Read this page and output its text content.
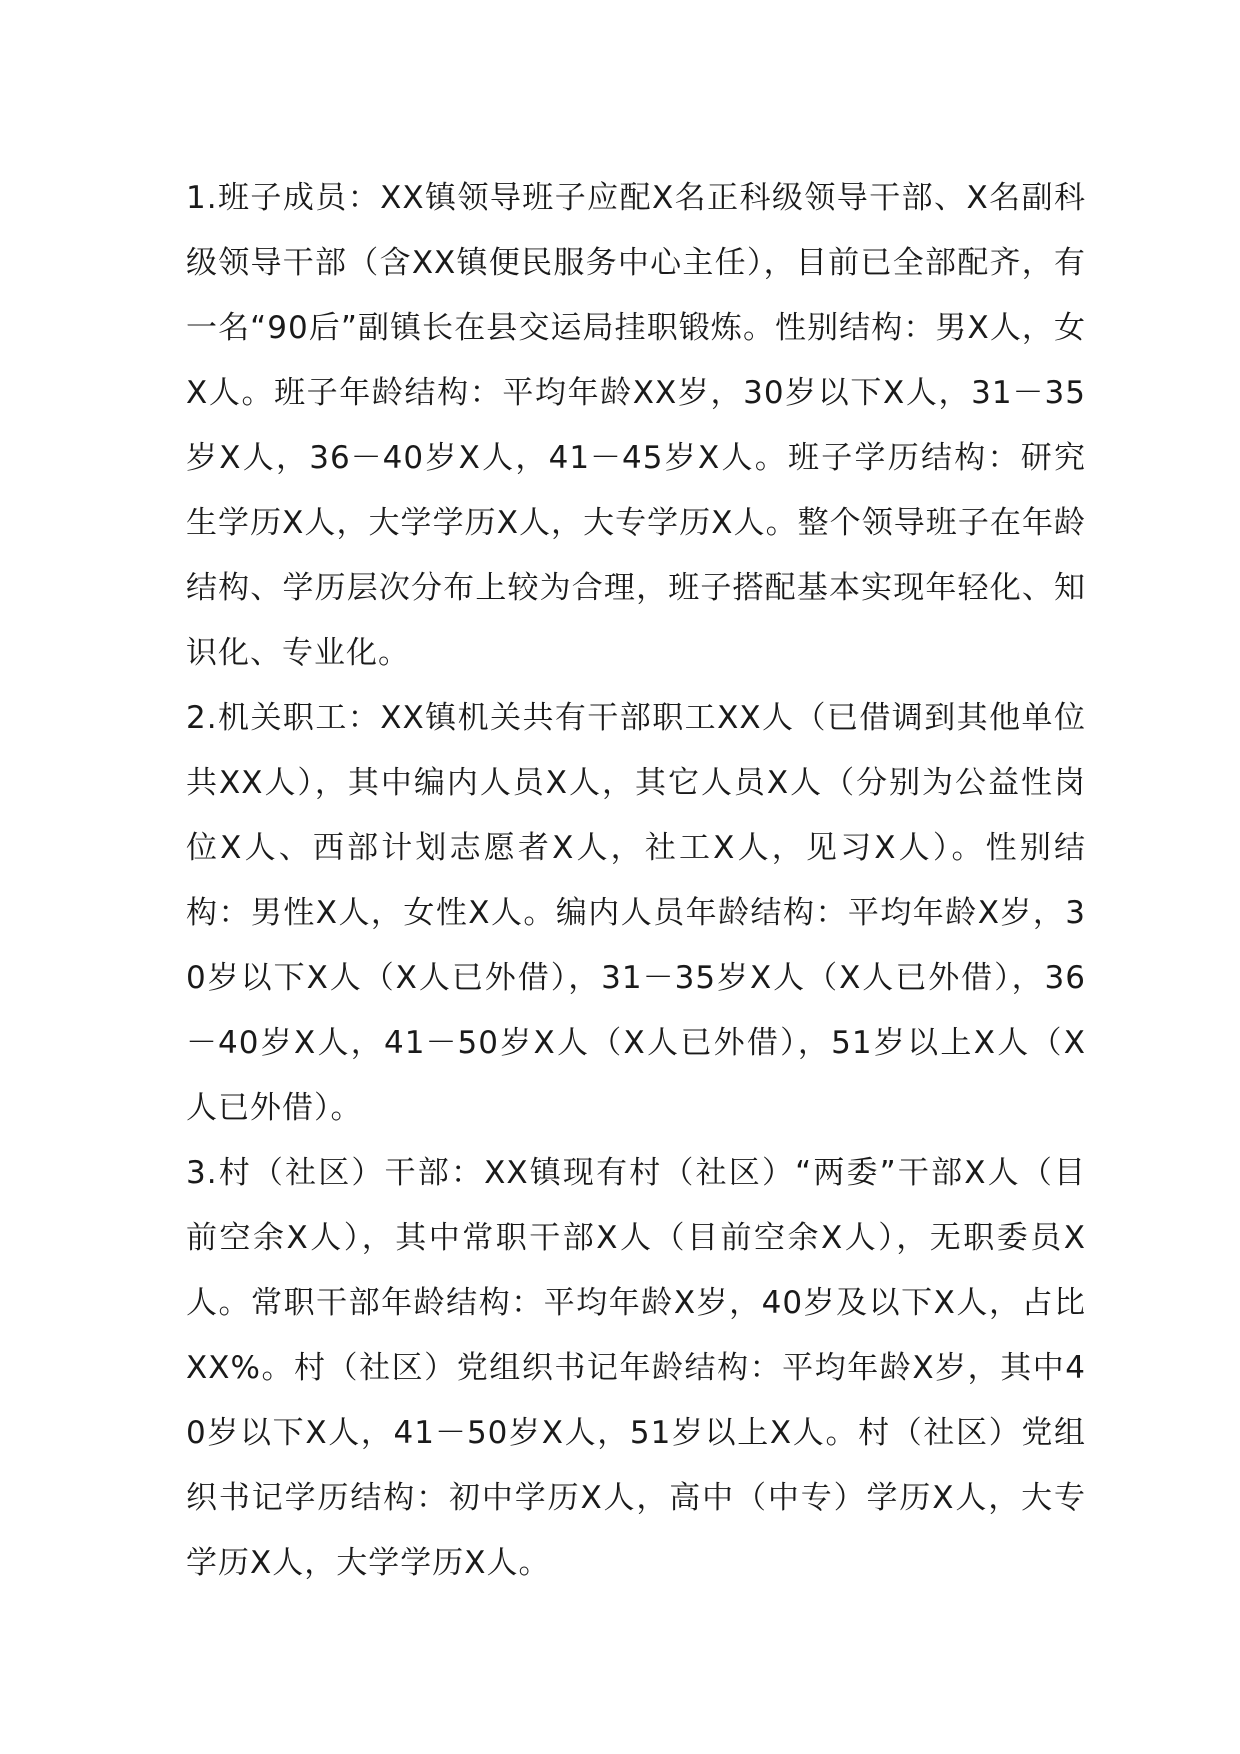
1.班子成员：XX镇领导班子应配X名正科级领导干部、X名副科级领导干部（含XX镇便民服务中心主任），目前已全部配齐，有一名“90后”副镇长在县交运局挂职锻炼。性别结构：男X人，女X人。班子年龄结构：平均年龄XX岁，30岁以下X人，31－35岁X人，36－40岁X人，41－45岁X人。班子学历结构：研究生学历X人，大学学历X人，大专学历X人。整个领导班子在年龄结构、学历层次分布上较为合理，班子搭配基本实现年轻化、知识化、专业化。

2.机关职工：XX镇机关共有干部职工XX人（已借调到其他单位共XX人），其中编内人员X人，其它人员X人（分别为公益性岗位X人、西部计划志愿者X人，社工X人，见习X人）。性别结构：男性X人，女性X人。编内人员年龄结构：平均年龄X岁，30岁以下X人（X人已外借），31－35岁X人（X人已外借），36－40岁X人，41－50岁X人（X人已外借），51岁以上X人（X人已外借）。

3.村（社区）干部：XX镇现有村（社区）“两委”干部X人（目前空余X人），其中常职干部X人（目前空余X人），无职委员X人。常职干部年龄结构：平均年龄X岁，40岁及以下X人，占比XX%。村（社区）党组织书记年龄结构：平均年龄X岁，其中40岁以下X人，41－50岁X人，51岁以上X人。村（社区）党组织书记学历结构：初中学历X人，高中（中专）学历X人，大专学历X人，大学学历X人。
